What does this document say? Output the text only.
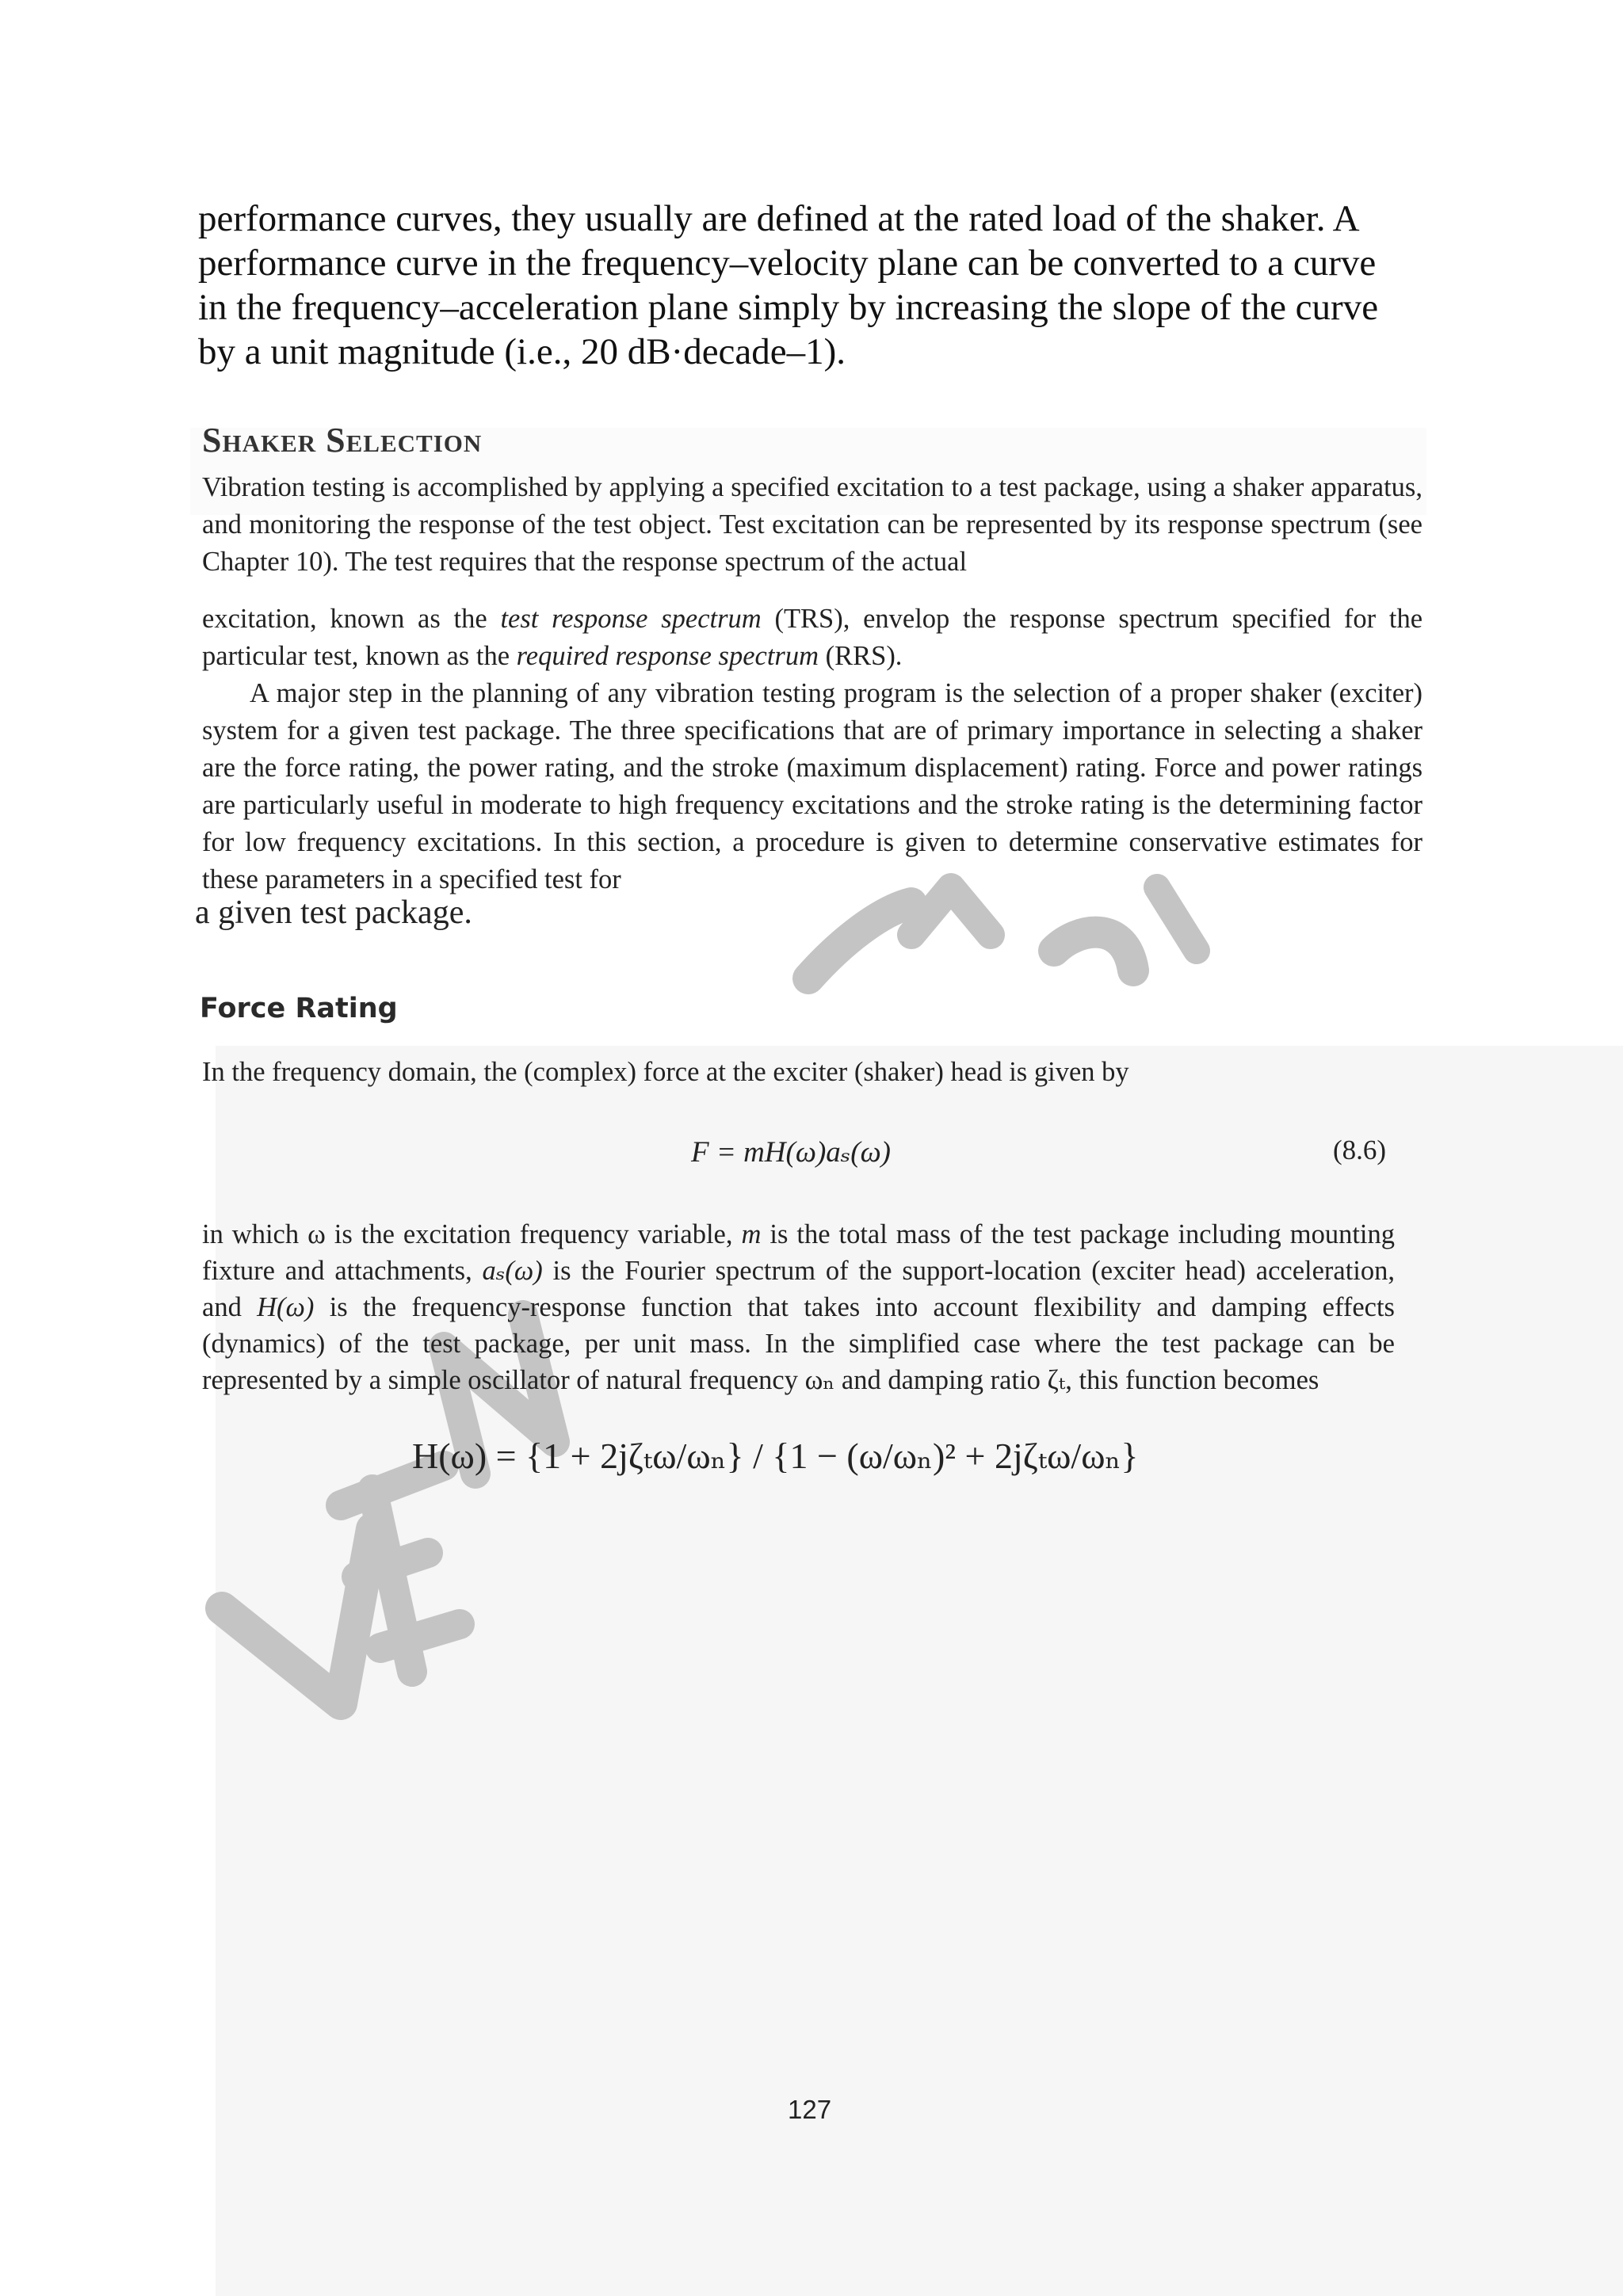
performance curves, they usually are defined at the rated load of the shaker. A
performance curve in the frequency–velocity plane can be converted to a curve
in the frequency–acceleration plane simply by increasing the slope of the curve
by a unit magnitude (i.e., 20 dB·decade–1).
Shaker Selection
Vibration testing is accomplished by applying a specified excitation to a test package, using a shaker apparatus, and monitoring the response of the test object. Test excitation can be represented by its response spectrum (see Chapter 10). The test requires that the response spectrum of the actual
excitation, known as the test response spectrum (TRS), envelop the response spectrum specified for the particular test, known as the required response spectrum (RRS).
A major step in the planning of any vibration testing program is the selection of a proper shaker (exciter) system for a given test package. The three specifications that are of primary importance in selecting a shaker are the force rating, the power rating, and the stroke (maximum displacement) rating. Force and power ratings are particularly useful in moderate to high frequency excitations and the stroke rating is the determining factor for low frequency excitations. In this section, a procedure is given to determine conservative estimates for these parameters in a specified test for
a given test package.
Force Rating
In the frequency domain, the (complex) force at the exciter (shaker) head is given by
F = mH(ω)aₛ(ω)	(8.6)
in which ω is the excitation frequency variable, m is the total mass of the test package including mounting fixture and attachments, aₛ(ω) is the Fourier spectrum of the support-location (exciter head) acceleration, and H(ω) is the frequency-response function that takes into account flexibility and damping effects (dynamics) of the test package, per unit mass. In the simplified case where the test package can be represented by a simple oscillator of natural frequency ωₙ and damping ratio ζₜ, this function becomes
H(ω) = {1 + 2jζₜω/ωₙ} / {1 − (ω/ωₙ)² + 2jζₜω/ωₙ}
127
